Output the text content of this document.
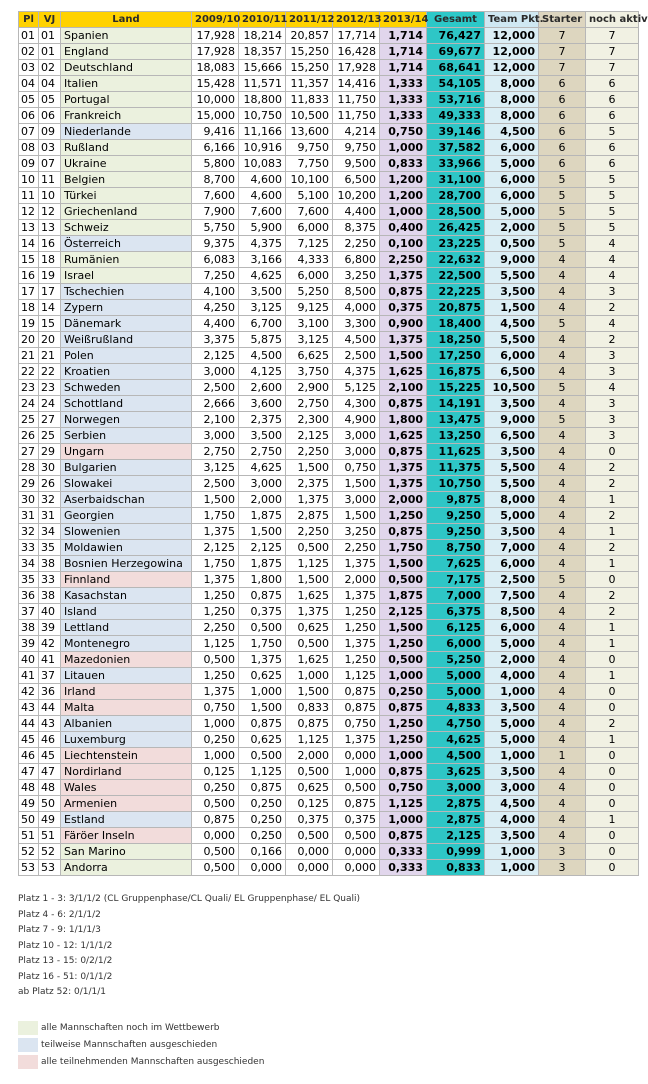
Pl	VJ	Land	2009/10	2010/11	2011/12	2012/13	2013/14	Gesamt	Team Pkt.	Starter	noch aktiv
01	01	Spanien	17,928	18,214	20,857	17,714	1,714	76,427	12,000	7	7
02	01	England	17,928	18,357	15,250	16,428	1,714	69,677	12,000	7	7
03	02	Deutschland	18,083	15,666	15,250	17,928	1,714	68,641	12,000	7	7
04	04	Italien	15,428	11,571	11,357	14,416	1,333	54,105	8,000	6	6
05	05	Portugal	10,000	18,800	11,833	11,750	1,333	53,716	8,000	6	6
06	06	Frankreich	15,000	10,750	10,500	11,750	1,333	49,333	8,000	6	6
07	09	Niederlande	9,416	11,166	13,600	4,214	0,750	39,146	4,500	6	5
08	03	Rußland	6,166	10,916	9,750	9,750	1,000	37,582	6,000	6	6
09	07	Ukraine	5,800	10,083	7,750	9,500	0,833	33,966	5,000	6	6
10	11	Belgien	8,700	4,600	10,100	6,500	1,200	31,100	6,000	5	5
11	10	Türkei	7,600	4,600	5,100	10,200	1,200	28,700	6,000	5	5
12	12	Griechenland	7,900	7,600	7,600	4,400	1,000	28,500	5,000	5	5
13	13	Schweiz	5,750	5,900	6,000	8,375	0,400	26,425	2,000	5	5
14	16	Österreich	9,375	4,375	7,125	2,250	0,100	23,225	0,500	5	4
15	18	Rumänien	6,083	3,166	4,333	6,800	2,250	22,632	9,000	4	4
16	19	Israel	7,250	4,625	6,000	3,250	1,375	22,500	5,500	4	4
17	17	Tschechien	4,100	3,500	5,250	8,500	0,875	22,225	3,500	4	3
18	14	Zypern	4,250	3,125	9,125	4,000	0,375	20,875	1,500	4	2
19	15	Dänemark	4,400	6,700	3,100	3,300	0,900	18,400	4,500	5	4
20	20	Weißrußland	3,375	5,875	3,125	4,500	1,375	18,250	5,500	4	2
21	21	Polen	2,125	4,500	6,625	2,500	1,500	17,250	6,000	4	3
22	22	Kroatien	3,000	4,125	3,750	4,375	1,625	16,875	6,500	4	3
23	23	Schweden	2,500	2,600	2,900	5,125	2,100	15,225	10,500	5	4
24	24	Schottland	2,666	3,600	2,750	4,300	0,875	14,191	3,500	4	3
25	27	Norwegen	2,100	2,375	2,300	4,900	1,800	13,475	9,000	5	3
26	25	Serbien	3,000	3,500	2,125	3,000	1,625	13,250	6,500	4	3
27	29	Ungarn	2,750	2,750	2,250	3,000	0,875	11,625	3,500	4	0
28	30	Bulgarien	3,125	4,625	1,500	0,750	1,375	11,375	5,500	4	2
29	26	Slowakei	2,500	3,000	2,375	1,500	1,375	10,750	5,500	4	2
30	32	Aserbaidschan	1,500	2,000	1,375	3,000	2,000	9,875	8,000	4	1
31	31	Georgien	1,750	1,875	2,875	1,500	1,250	9,250	5,000	4	2
32	34	Slowenien	1,375	1,500	2,250	3,250	0,875	9,250	3,500	4	1
33	35	Moldawien	2,125	2,125	0,500	2,250	1,750	8,750	7,000	4	2
34	38	Bosnien Herzegowina	1,750	1,875	1,125	1,375	1,500	7,625	6,000	4	1
35	33	Finnland	1,375	1,800	1,500	2,000	0,500	7,175	2,500	5	0
36	38	Kasachstan	1,250	0,875	1,625	1,375	1,875	7,000	7,500	4	2
37	40	Island	1,250	0,375	1,375	1,250	2,125	6,375	8,500	4	2
38	39	Lettland	2,250	0,500	0,625	1,250	1,500	6,125	6,000	4	1
39	42	Montenegro	1,125	1,750	0,500	1,375	1,250	6,000	5,000	4	1
40	41	Mazedonien	0,500	1,375	1,625	1,250	0,500	5,250	2,000	4	0
41	37	Litauen	1,250	0,625	1,000	1,125	1,000	5,000	4,000	4	1
42	36	Irland	1,375	1,000	1,500	0,875	0,250	5,000	1,000	4	0
43	44	Malta	0,750	1,500	0,833	0,875	0,875	4,833	3,500	4	0
44	43	Albanien	1,000	0,875	0,875	0,750	1,250	4,750	5,000	4	2
45	46	Luxemburg	0,250	0,625	1,125	1,375	1,250	4,625	5,000	4	1
46	45	Liechtenstein	1,000	0,500	2,000	0,000	1,000	4,500	1,000	1	0
47	47	Nordirland	0,125	1,125	0,500	1,000	0,875	3,625	3,500	4	0
48	48	Wales	0,250	0,875	0,625	0,500	0,750	3,000	3,000	4	0
49	50	Armenien	0,500	0,250	0,125	0,875	1,125	2,875	4,500	4	0
50	49	Estland	0,875	0,250	0,375	0,375	1,000	2,875	4,000	4	1
51	51	Färöer Inseln	0,000	0,250	0,500	0,500	0,875	2,125	3,500	4	0
52	52	San Marino	0,500	0,166	0,000	0,000	0,333	0,999	1,000	3	0
53	53	Andorra	0,500	0,000	0,000	0,000	0,333	0,833	1,000	3	0
Platz 1 - 3: 3/1/1/2 (CL Gruppenphase/CL Quali/ EL Gruppenphase/ EL Quali)
Platz 4 - 6: 2/1/1/2
Platz 7 - 9: 1/1/1/3
Platz 10 - 12: 1/1/1/2
Platz 13 - 15: 0/2/1/2
Platz 16 - 51: 0/1/1/2
ab Platz 52: 0/1/1/1
alle Mannschaften noch im Wettbewerb
teilweise Mannschaften ausgeschieden
alle teilnehmenden Mannschaften ausgeschieden
